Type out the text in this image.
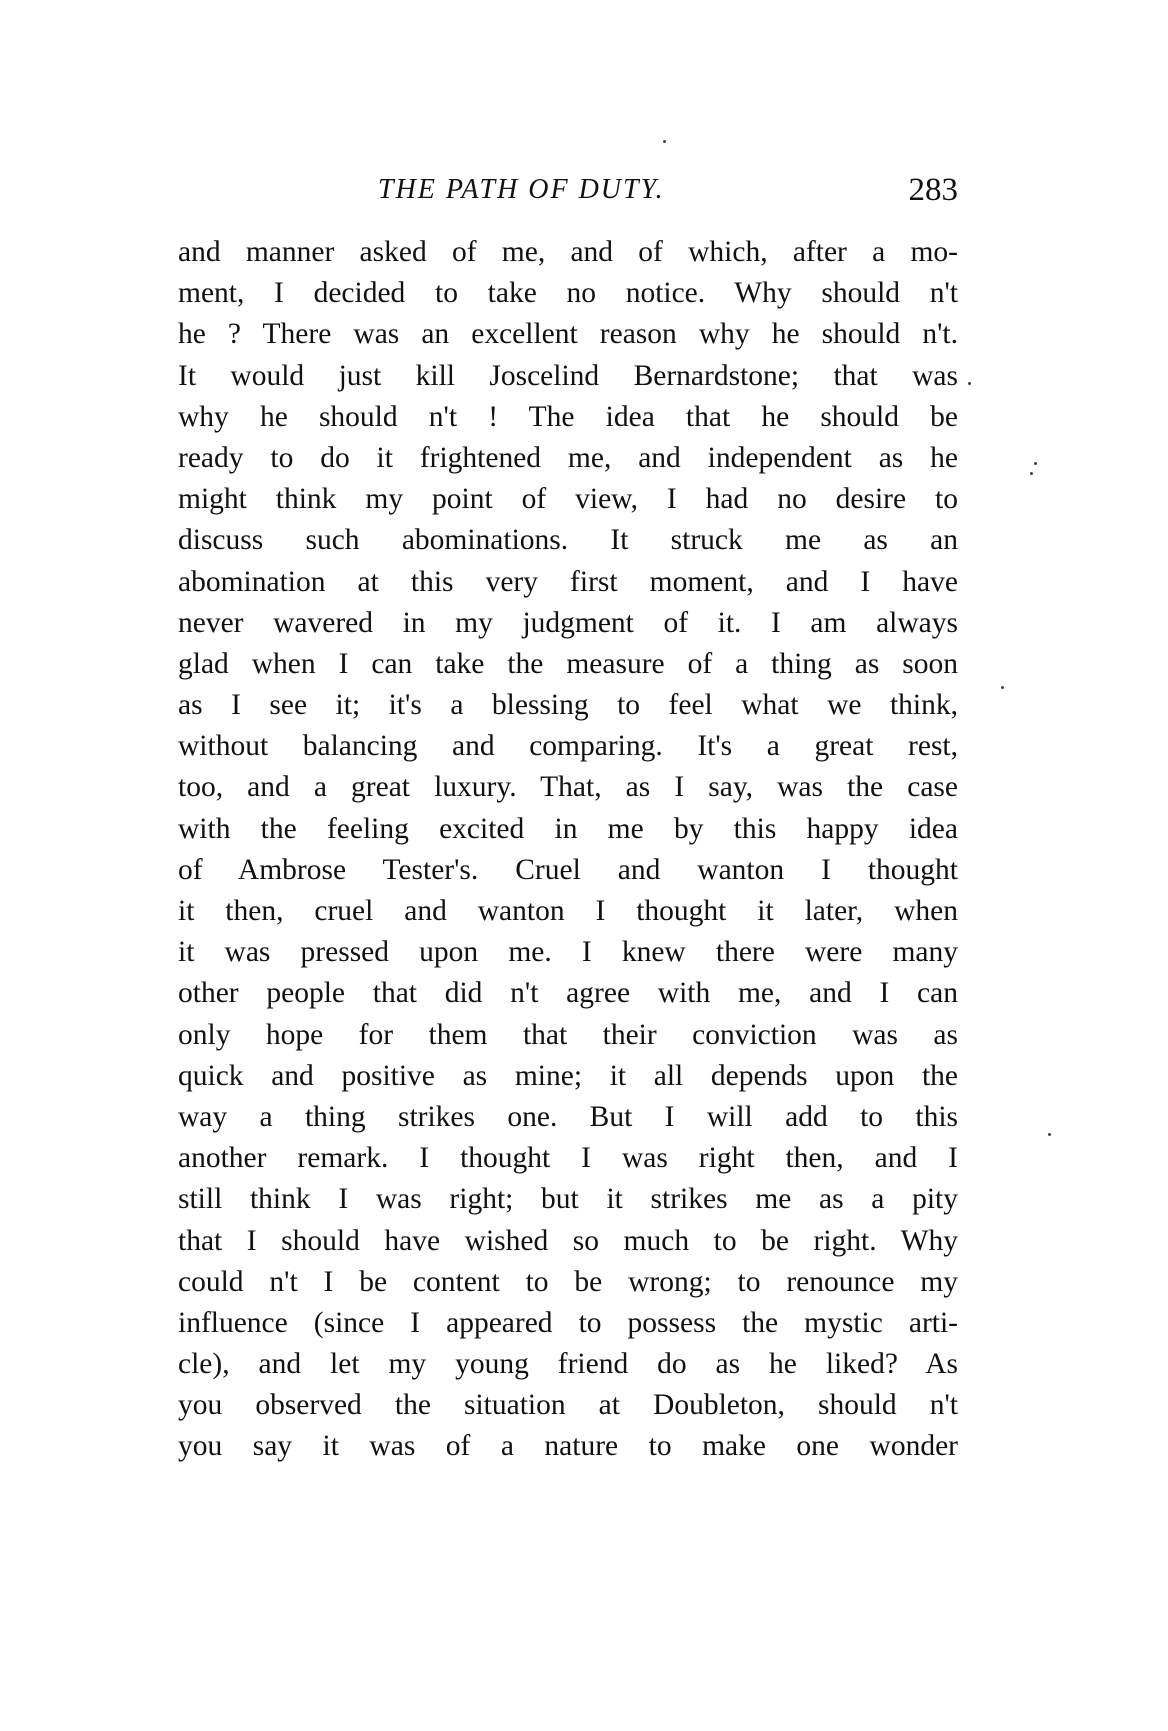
THE PATH OF DUTY.	283
and manner asked of me, and of which, after a mo-
ment, I decided to take no notice. Why should n't
he ? There was an excellent reason why he should n't.
It would just kill Joscelind Bernardstone; that was
why he should n't ! The idea that he should be
ready to do it frightened me, and independent as he
might think my point of view, I had no desire to
discuss such abominations. It struck me as an
abomination at this very first moment, and I have
never wavered in my judgment of it. I am always
glad when I can take the measure of a thing as soon
as I see it; it's a blessing to feel what we think,
without balancing and comparing. It's a great rest,
too, and a great luxury. That, as I say, was the case
with the feeling excited in me by this happy idea
of Ambrose Tester's. Cruel and wanton I thought
it then, cruel and wanton I thought it later, when
it was pressed upon me. I knew there were many
other people that did n't agree with me, and I can
only hope for them that their conviction was as
quick and positive as mine; it all depends upon the
way a thing strikes one. But I will add to this
another remark. I thought I was right then, and I
still think I was right; but it strikes me as a pity
that I should have wished so much to be right. Why
could n't I be content to be wrong; to renounce my
influence (since I appeared to possess the mystic arti-
cle), and let my young friend do as he liked? As
you observed the situation at Doubleton, should n't
you say it was of a nature to make one wonder
